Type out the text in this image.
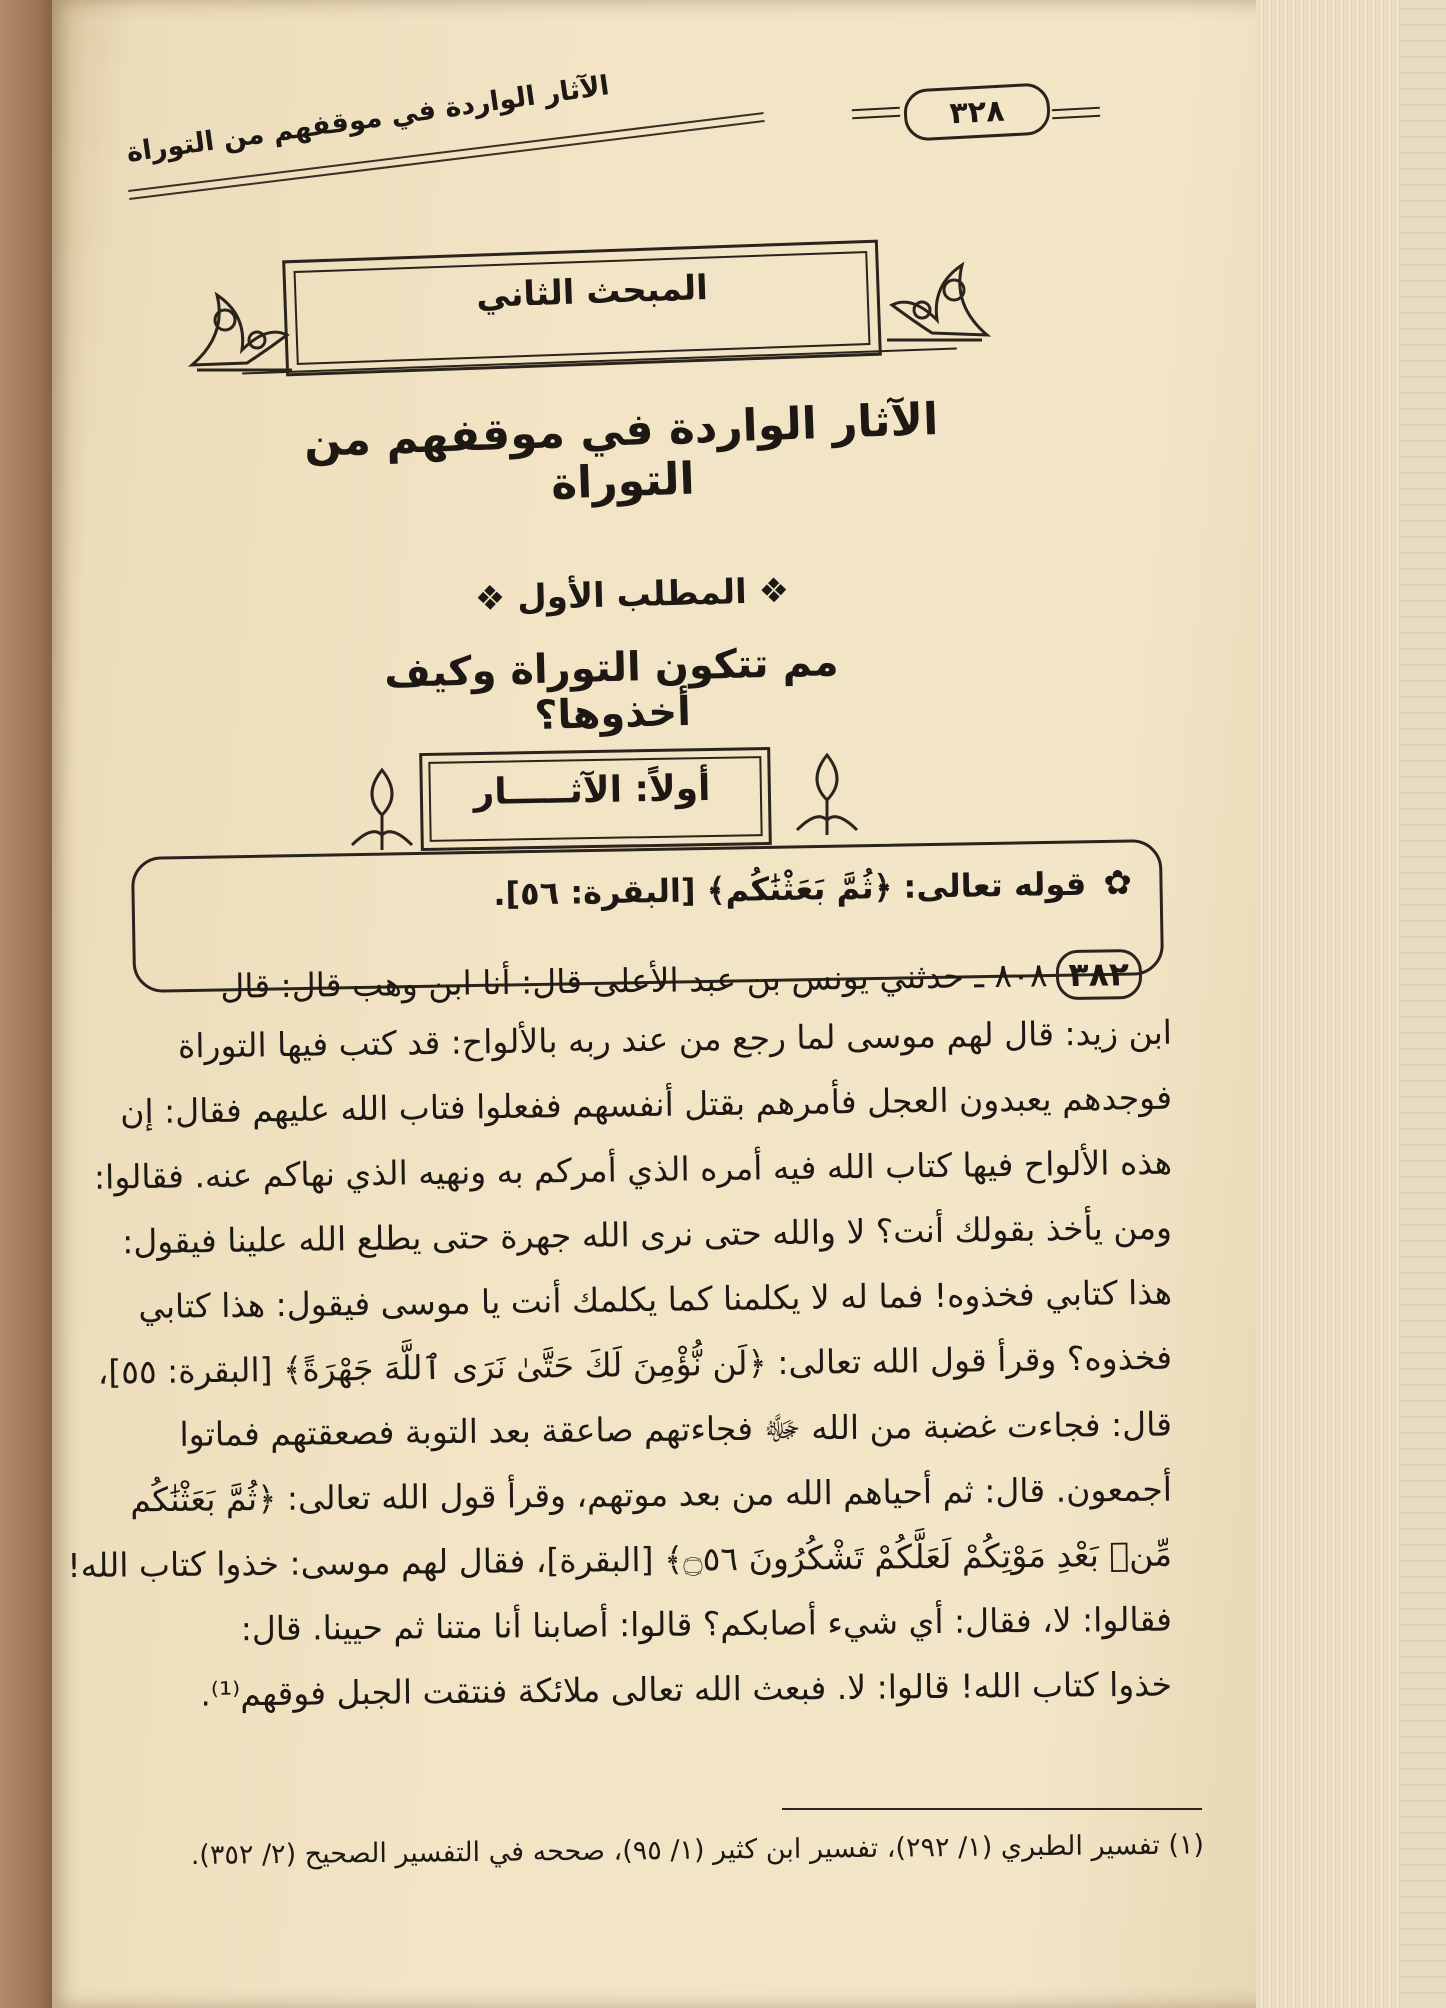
الآثار الواردة في موقفهم من التوراة	٣٢٨
المبحث الثاني
الآثار الواردة في موقفهم من التوراة
❖ المطلب الأول ❖
مم تتكون التوراة وكيف أخذوها؟
أولاً: الآثـــــار
✿ قوله تعالى: ﴿ثُمَّ بَعَثْنَٰكُم﴾ [البقرة: ٥٦].
٣٨٢٨٠٨ ـ حدثني يونس بن عبد الأعلى قال: أنا ابن وهب قال: قال
ابن زيد: قال لهم موسى لما رجع من عند ربه بالألواح: قد كتب فيها التوراة
فوجدهم يعبدون العجل فأمرهم بقتل أنفسهم ففعلوا فتاب الله عليهم فقال: إن
هذه الألواح فيها كتاب الله فيه أمره الذي أمركم به ونهيه الذي نهاكم عنه. فقالوا:
ومن يأخذ بقولك أنت؟ لا والله حتى نرى الله جهرة حتى يطلع الله علينا فيقول:
هذا كتابي فخذوه! فما له لا يكلمنا كما يكلمك أنت يا موسى فيقول: هذا كتابي
فخذوه؟ وقرأ قول الله تعالى: ﴿لَن نُّؤْمِنَ لَكَ حَتَّىٰ نَرَى ٱللَّهَ جَهْرَةً﴾ [البقرة: ٥٥]،
قال: فجاءت غضبة من الله ﷻ فجاءتهم صاعقة بعد التوبة فصعقتهم فماتوا
أجمعون. قال: ثم أحياهم الله من بعد موتهم، وقرأ قول الله تعالى: ﴿ثُمَّ بَعَثْنَٰكُم
مِّنۢ بَعْدِ مَوْتِكُمْ لَعَلَّكُمْ تَشْكُرُونَ ۝٥٦﴾ [البقرة]، فقال لهم موسى: خذوا كتاب الله!
فقالوا: لا، فقال: أي شيء أصابكم؟ قالوا: أصابنا أنا متنا ثم حيينا. قال:
خذوا كتاب الله! قالوا: لا. فبعث الله تعالى ملائكة فنتقت الجبل فوقهم⁽¹⁾.
(١) تفسير الطبري (١/ ٢٩٢)، تفسير ابن كثير (١/ ٩٥)، صححه في التفسير الصحيح (٢/ ٣٥٢).
